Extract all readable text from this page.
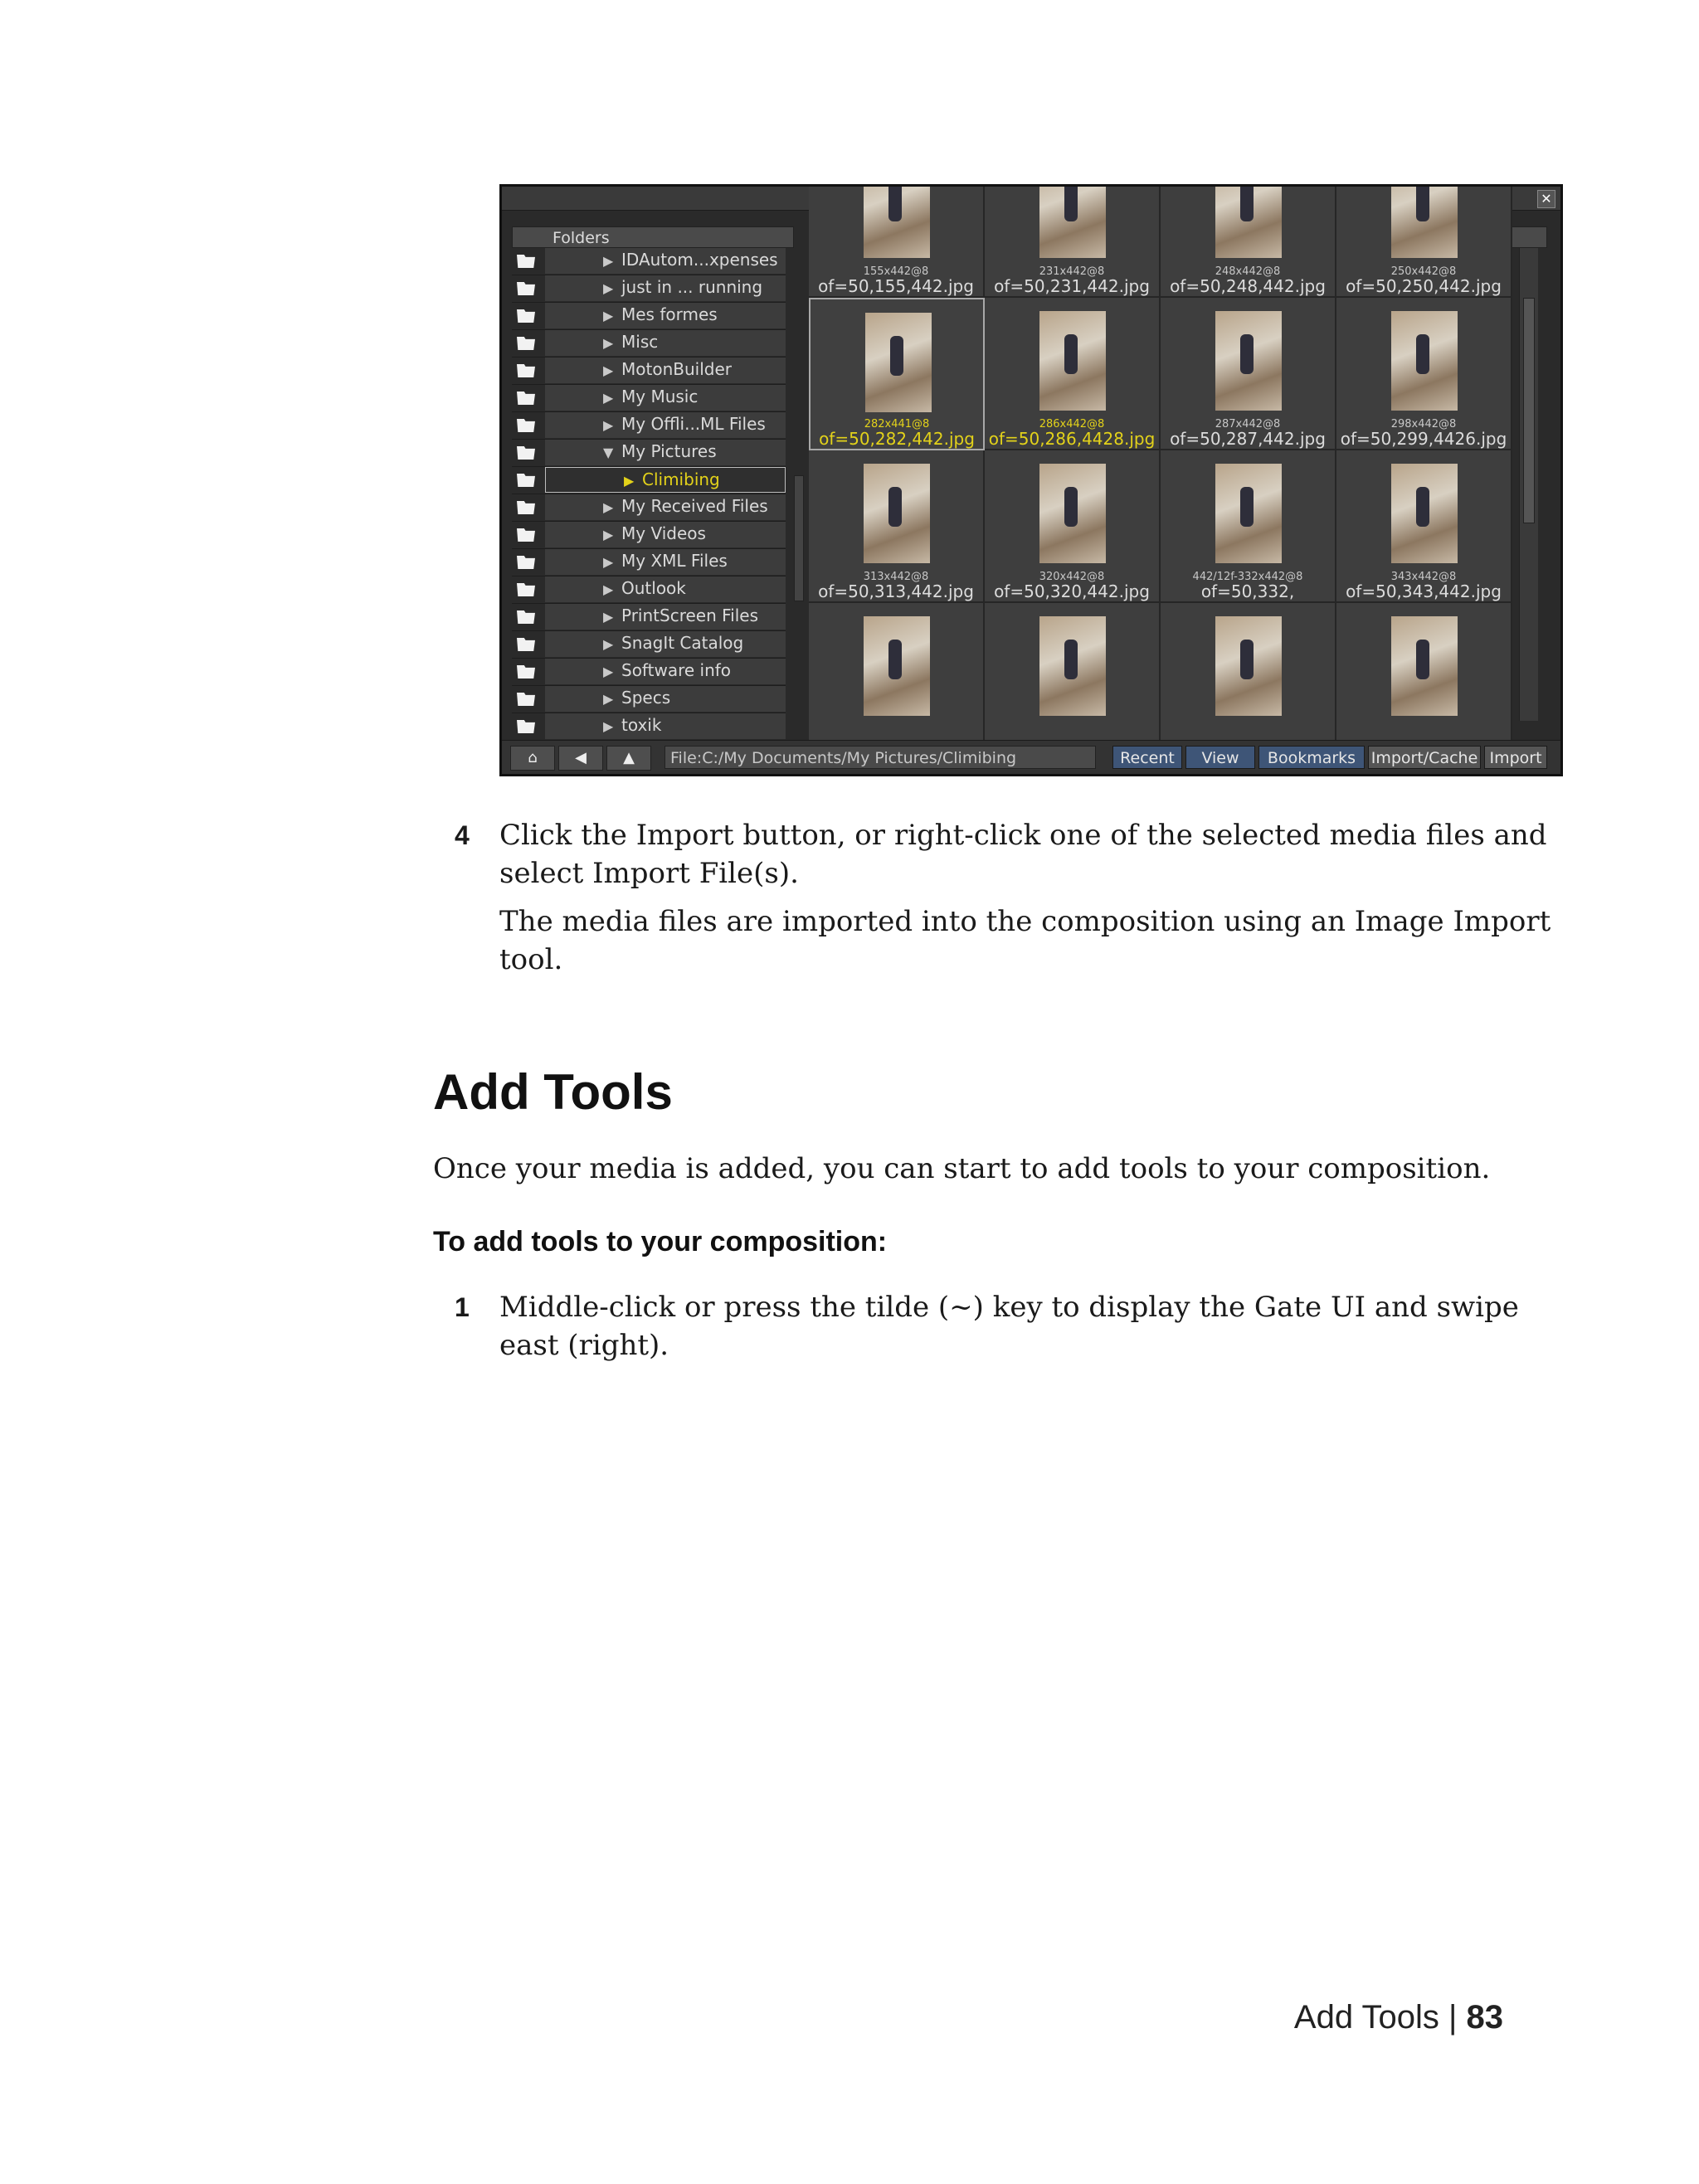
✕
Folders
▶ IDAutom...xpenses
▶ just in ... running
▶ Mes formes
▶ Misc
▶ MotonBuilder
▶ My Music
▶ My Offli...ML Files
▼ My Pictures
▶ Climibing
▶ My Received Files
▶ My Videos
▶ My XML Files
▶ Outlook
▶ PrintScreen Files
▶ SnagIt Catalog
▶ Software info
▶ Specs
▶ toxik
155x442@8
of=50,155,442.jpg
231x442@8
of=50,231,442.jpg
248x442@8
of=50,248,442.jpg
250x442@8
of=50,250,442.jpg
282x441@8
of=50,282,442.jpg
286x442@8
of=50,286,4428.jpg
287x442@8
of=50,287,442.jpg
298x442@8
of=50,299,4426.jpg
313x442@8
of=50,313,442.jpg
320x442@8
of=50,320,442.jpg
442/12f-332x442@8
of=50,332,
343x442@8
of=50,343,442.jpg
⌂	◀	▲	File:C:/My Documents/My Pictures/Climibing	Recent	View	Bookmarks Import/Cache Import
4 Click the Import button, or right-click one of the selected media files and
select Import File(s).
The media files are imported into the composition using an Image Import
tool.
Add Tools
Once your media is added, you can start to add tools to your composition.
To add tools to your composition:
1 Middle-click or press the tilde (~) key to display the Gate UI and swipe
east (right).
Add Tools | 83
